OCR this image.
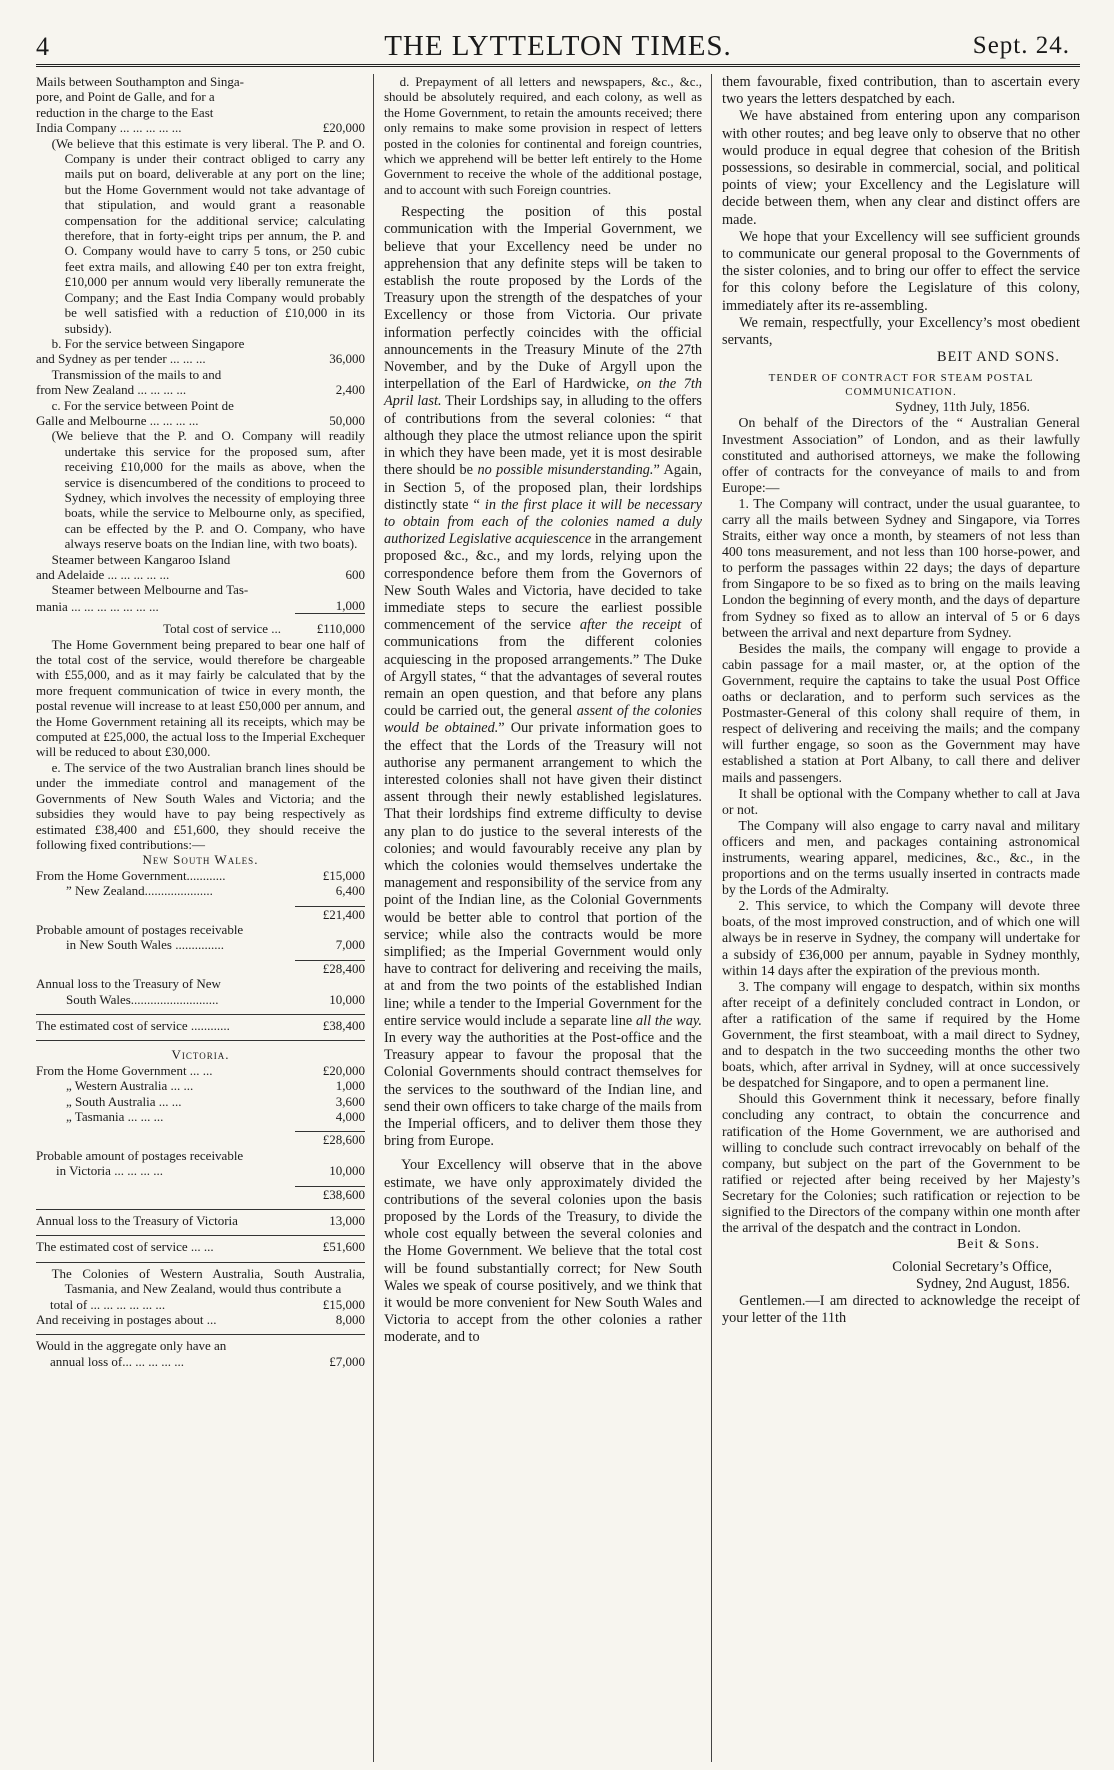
4	THE LYTTELTON TIMES.	Sept. 24.
Mails between Southampton and Singa-
pore, and Point de Galle, and for a
reduction in the charge to the East
India Company ... ... ... ... ...	£20,000

(We believe that this estimate is very liberal. The P. and O. Company is under their contract obliged to carry any mails put on board, deliverable at any port on the line; but the Home Government would not take advantage of that stipulation, and would grant a reasonable compensation for the additional service; calculating therefore, that in forty-eight trips per annum, the P. and O. Company would have to carry 5 tons, or 250 cubic feet extra mails, and allowing £40 per ton extra freight, £10,000 per annum would very liberally remunerate the Company; and the East India Company would probably be well satisfied with a reduction of £10,000 in its subsidy).

b. For the service between Singapore
and Sydney as per tender ... ... ...	36,000
Transmission of the mails to and
from New Zealand ... ... ... ...	2,400
c. For the service between Point de
Galle and Melbourne ... ... ... ...	50,000

(We believe that the P. and O. Company will readily undertake this service for the proposed sum, after receiving £10,000 for the mails as above, when the service is disencumbered of the conditions to proceed to Sydney, which involves the necessity of employing three boats, while the service to Melbourne only, as specified, can be effected by the P. and O. Company, who have always reserve boats on the Indian line, with two boats).

Steamer between Kangaroo Island
and Adelaide ... ... ... ... ...	600
Steamer between Melbourne and Tas-
mania ... ... ... ... ... ... ...	1,000
Total cost of service ...	£110,000

The Home Government being prepared to bear one half of the total cost of the service, would therefore be chargeable with £55,000, and as it may fairly be calculated that by the more frequent communication of twice in every month, the postal revenue will increase to at least £50,000 per annum, and the Home Government retaining all its receipts, which may be computed at £25,000, the actual loss to the Imperial Exchequer will be reduced to about £30,000.

e. The service of the two Australian branch lines should be under the immediate control and management of the Governments of New South Wales and Victoria; and the subsidies they would have to pay being respectively as estimated £38,400 and £51,600, they should receive the following fixed contributions:—

New South Wales.
From the Home Government............	£15,000
” New Zealand.....................	6,400
£21,400
Probable amount of postages receivable
in New South Wales ...............	7,000
£28,400
Annual loss to the Treasury of New
South Wales...........................	10,000
The estimated cost of service ............	£38,400
Victoria.
From the Home Government ... ...	£20,000
„ Western Australia ... ...	1,000
„ South Australia ... ...	3,600
„ Tasmania ... ... ...	4,000
£28,600
Probable amount of postages receivable
in Victoria ... ... ... ...	10,000
£38,600
Annual loss to the Treasury of Victoria	13,000
The estimated cost of service ... ...	£51,600

The Colonies of Western Australia, South Australia, Tasmania, and New Zealand, would thus contribute a

total of ... ... ... ... ... ...	£15,000
And receiving in postages about ...	8,000
Would in the aggregate only have an
annual loss of... ... ... ... ...	£7,000

d. Prepayment of all letters and newspapers, &c., &c., should be absolutely required, and each colony, as well as the Home Government, to retain the amounts received; there only remains to make some provision in respect of letters posted in the colonies for continental and foreign countries, which we apprehend will be better left entirely to the Home Government to receive the whole of the additional postage, and to account with such Foreign countries.

Respecting the position of this postal communication with the Imperial Government, we believe that your Excellency need be under no apprehension that any definite steps will be taken to establish the route proposed by the Lords of the Treasury upon the strength of the despatches of your Excellency or those from Victoria. Our private information perfectly coincides with the official announcements in the Treasury Minute of the 27th November, and by the Duke of Argyll upon the interpellation of the Earl of Hardwicke, on the 7th April last. Their Lordships say, in alluding to the offers of contributions from the several colonies: “ that although they place the utmost reliance upon the spirit in which they have been made, yet it is most desirable there should be no possible misunderstanding.” Again, in Section 5, of the proposed plan, their lordships distinctly state “ in the first place it will be necessary to obtain from each of the colonies named a duly authorized Legislative acquiescence in the arrangement proposed &c., &c., and my lords, relying upon the correspondence before them from the Governors of New South Wales and Victoria, have decided to take immediate steps to secure the earliest possible commencement of the service after the receipt of communications from the different colonies acquiescing in the proposed arrangements.” The Duke of Argyll states, “ that the advantages of several routes remain an open question, and that before any plans could be carried out, the general assent of the colonies would be obtained.” Our private information goes to the effect that the Lords of the Treasury will not authorise any permanent arrangement to which the interested colonies shall not have given their distinct assent through their newly established legislatures. That their lordships find extreme difficulty to devise any plan to do justice to the several interests of the colonies; and would favourably receive any plan by which the colonies would themselves undertake the management and responsibility of the service from any point of the Indian line, as the Colonial Governments would be better able to control that portion of the service; while also the contracts would be more simplified; as the Imperial Government would only have to contract for delivering and receiving the mails, at and from the two points of the established Indian line; while a tender to the Imperial Government for the entire service would include a separate line all the way. In every way the authorities at the Post-office and the Treasury appear to favour the proposal that the Colonial Governments should contract themselves for the services to the southward of the Indian line, and send their own officers to take charge of the mails from the Imperial officers, and to deliver them those they bring from Europe.

Your Excellency will observe that in the above estimate, we have only approximately divided the contributions of the several colonies upon the basis proposed by the Lords of the Treasury, to divide the whole cost equally between the several colonies and the Home Government. We believe that the total cost will be found substantially correct; for New South Wales we speak of course positively, and we think that it would be more convenient for New South Wales and Victoria to accept from the other colonies a rather moderate, and to

them favourable, fixed contribution, than to ascertain every two years the letters despatched by each.

We have abstained from entering upon any comparison with other routes; and beg leave only to observe that no other would produce in equal degree that cohesion of the British possessions, so desirable in commercial, social, and political points of view; your Excellency and the Legislature will decide between them, when any clear and distinct offers are made.

We hope that your Excellency will see sufficient grounds to communicate our general proposal to the Governments of the sister colonies, and to bring our offer to effect the service for this colony before the Legislature of this colony, immediately after its re-assembling.

We remain, respectfully, your Excellency’s most obedient servants,

BEIT AND SONS.
TENDER OF CONTRACT FOR STEAM POSTAL
COMMUNICATION.
Sydney, 11th July, 1856.

On behalf of the Directors of the “ Australian General Investment Association” of London, and as their lawfully constituted and authorised attorneys, we make the following offer of contracts for the conveyance of mails to and from Europe:—

1. The Company will contract, under the usual guarantee, to carry all the mails between Sydney and Singapore, via Torres Straits, either way once a month, by steamers of not less than 400 tons measurement, and not less than 100 horse-power, and to perform the passages within 22 days; the days of departure from Singapore to be so fixed as to bring on the mails leaving London the beginning of every month, and the days of departure from Sydney so fixed as to allow an interval of 5 or 6 days between the arrival and next departure from Sydney.

Besides the mails, the company will engage to provide a cabin passage for a mail master, or, at the option of the Government, require the captains to take the usual Post Office oaths or declaration, and to perform such services as the Postmaster-General of this colony shall require of them, in respect of delivering and receiving the mails; and the company will further engage, so soon as the Government may have established a station at Port Albany, to call there and deliver mails and passengers.

It shall be optional with the Company whether to call at Java or not.

The Company will also engage to carry naval and military officers and men, and packages containing astronomical instruments, wearing apparel, medicines, &c., &c., in the proportions and on the terms usually inserted in contracts made by the Lords of the Admiralty.

2. This service, to which the Company will devote three boats, of the most improved construction, and of which one will always be in reserve in Sydney, the company will undertake for a subsidy of £36,000 per annum, payable in Sydney monthly, within 14 days after the expiration of the previous month.

3. The company will engage to despatch, within six months after receipt of a definitely concluded contract in London, or after a ratification of the same if required by the Home Government, the first steamboat, with a mail direct to Sydney, and to despatch in the two succeeding months the other two boats, which, after arrival in Sydney, will at once successively be despatched for Singapore, and to open a permanent line.

Should this Government think it necessary, before finally concluding any contract, to obtain the concurrence and ratification of the Home Government, we are authorised and willing to conclude such contract irrevocably on behalf of the company, but subject on the part of the Government to be ratified or rejected after being received by her Majesty’s Secretary for the Colonies; such ratification or rejection to be signified to the Directors of the company within one month after the arrival of the despatch and the contract in London.

Beit & Sons.
Colonial Secretary’s Office,
Sydney, 2nd August, 1856.

Gentlemen.—I am directed to acknowledge the receipt of your letter of the 11th
